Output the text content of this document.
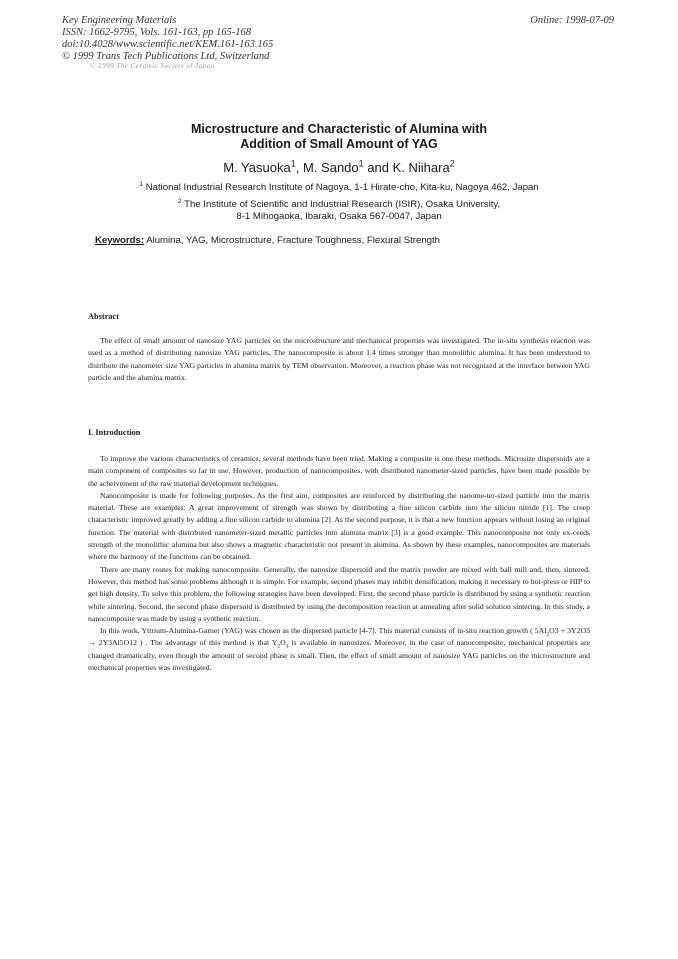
Key Engineering Materials
ISSN: 1662-9795, Vols. 161-163, pp 165-168
doi:10.4028/www.scientific.net/KEM.161-163.165
© 1999 Trans Tech Publications Ltd, Switzerland
Online: 1998-07-09
© 1999 The Ceramic Society of Japan
Microstructure and Characteristic of Alumina with
Addition of Small Amount of YAG
M. Yasuoka$^1$, M. Sando$^1$ and K. Niihara$^2$
$^1$ National Industrial Research Institute of Nagoya, 1-1 Hirate-cho, Kita-ku, Nagoya 462, Japan
$^2$ The Institute of Scientific and Industrial Research (ISIR), Osaka University,
8-1 Mihogaoka, Ibaraki, Osaka 567-0047, Japan
Keywords: Alumina, YAG, Microstructure, Fracture Toughness, Flexural Strength
Abstract

The effect of small amount of nanosize YAG particles on the microstructure and mechanical properties was investigated. The in-situ synthesis reaction was used as a method of distributing nanosize YAG particles. The nanocomposite is about 1.4 times stronger than monolithic alumina. It has been understood to distribute the nanometer size YAG particles in alumina matrix by TEM observation. Moreover, a reaction phase was not recognized at the interface between YAG particle and the alumina matrix.

I. Introduction

To improve the various characteristics of ceramics, several methods have been tried. Making a composite is one these methods. Microsize dispersoids are a main component of composites so far in use. However, production of nanocomposites, with distributed nanometer-sized particles, have been made possible by the acheivement of the raw material development techniques.

Nanocomposite is made for following purposes. As the first aim, composites are reinforced by distributing the nanome-ter-sized particle into the matrix material. These are examples: A great improvement of strength was shown by distributing a fine silicon carbide into the silicon nitride [1]. The creep characteristic improved greatly by adding a fine silicon carbide to alumina [2]. As the second purpose, it is that a new function appears without losing an original function. The material with distributed nanometer-sized metallic particles into alumina matrix [3] is a good example. This nanocomposite not only ex-ceeds strength of the monolithic alumina but also shows a magnetic characteristic not present in alumina. As shown by these examples, nanocomposites are materials where the harmony of the functions can be obtained.

There are many routes for making nanocomposite. Generally, the nanosize dispersoid and the matrix powder are mixed with ball mill and, then, sintered. However, this method has some problems although it is simple. For example, second phases may inhibit densification, making it necessary to hot-press or HIP to get high density. To solve this problem, the following strategies have been developed. First, the second phase particle is distributed by using a synthetic reaction while sintering. Second, the second phase dispersoid is distributed by using the decomposition reaction at annealing after solid solution sintering. In this study, a nanocomposite was made by using a synthetic reaction.

In this work, Yttrium-Alumina-Garnet (YAG) was chosen as the dispersed particle [4-7]. This material consists of in-situ reaction growth ( $5Al_2O3 + 3Y2O3 \to 2Y3Al5O12$ ) . The advantage of this method is that $Y_2O_3$ is available in nanosizes. Moreover, in the case of nanocomposite, mechanical properties are changed dramatically, even though the amount of second phase is small. Then, the effect of small amount of nanosize YAG particles on the microstructure and mechanical properties was investigated.
